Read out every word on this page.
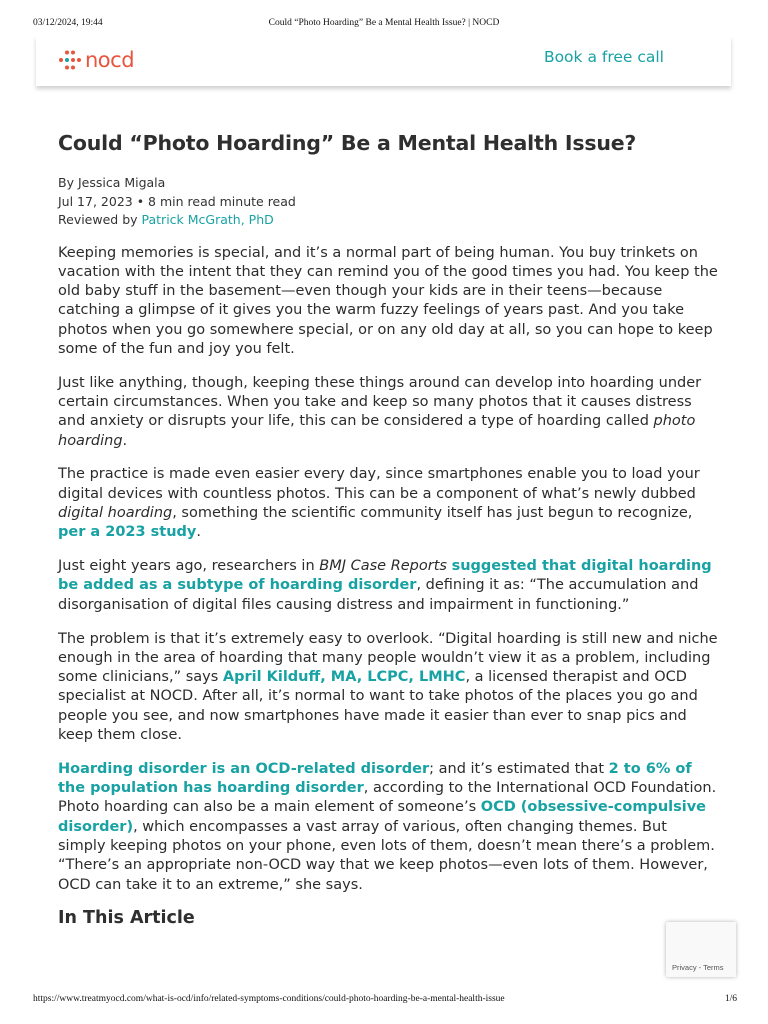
03/12/2024, 19:44	Could “Photo Hoarding” Be a Mental Health Issue? | NOCD
nocd	Book a free call
Could “Photo Hoarding” Be a Mental Health Issue?
By Jessica Migala
Jul 17, 2023 • 8 min read minute read
Reviewed by Patrick McGrath, PhD

Keeping memories is special, and it’s a normal part of being human. You buy trinkets on vacation with the intent that they can remind you of the good times you had. You keep the old baby stuff in the basement—even though your kids are in their teens—because catching a glimpse of it gives you the warm fuzzy feelings of years past. And you take photos when you go somewhere special, or on any old day at all, so you can hope to keep some of the fun and joy you felt.

Just like anything, though, keeping these things around can develop into hoarding under certain circumstances. When you take and keep so many photos that it causes distress and anxiety or disrupts your life, this can be considered a type of hoarding called photo hoarding.

The practice is made even easier every day, since smartphones enable you to load your digital devices with countless photos. This can be a component of what’s newly dubbed digital hoarding, something the scientific community itself has just begun to recognize, per a 2023 study.

Just eight years ago, researchers in BMJ Case Reports suggested that digital hoarding be added as a subtype of hoarding disorder, defining it as: “The accumulation and disorganisation of digital files causing distress and impairment in functioning.”

The problem is that it’s extremely easy to overlook. “Digital hoarding is still new and niche enough in the area of hoarding that many people wouldn’t view it as a problem, including some clinicians,” says April Kilduff, MA, LCPC, LMHC, a licensed therapist and OCD specialist at NOCD. After all, it’s normal to want to take photos of the places you go and people you see, and now smartphones have made it easier than ever to snap pics and keep them close.

Hoarding disorder is an OCD-related disorder; and it’s estimated that 2 to 6% of the population has hoarding disorder, according to the International OCD Foundation. Photo hoarding can also be a main element of someone’s OCD (obsessive-compulsive disorder), which encompasses a vast array of various, often changing themes. But simply keeping photos on your phone, even lots of them, doesn’t mean there’s a problem. “There’s an appropriate non-OCD way that we keep photos—even lots of them. However, OCD can take it to an extreme,” she says.

In This Article
Privacy - Terms
https://www.treatmyocd.com/what-is-ocd/info/related-symptoms-conditions/could-photo-hoarding-be-a-mental-health-issue	1/6
